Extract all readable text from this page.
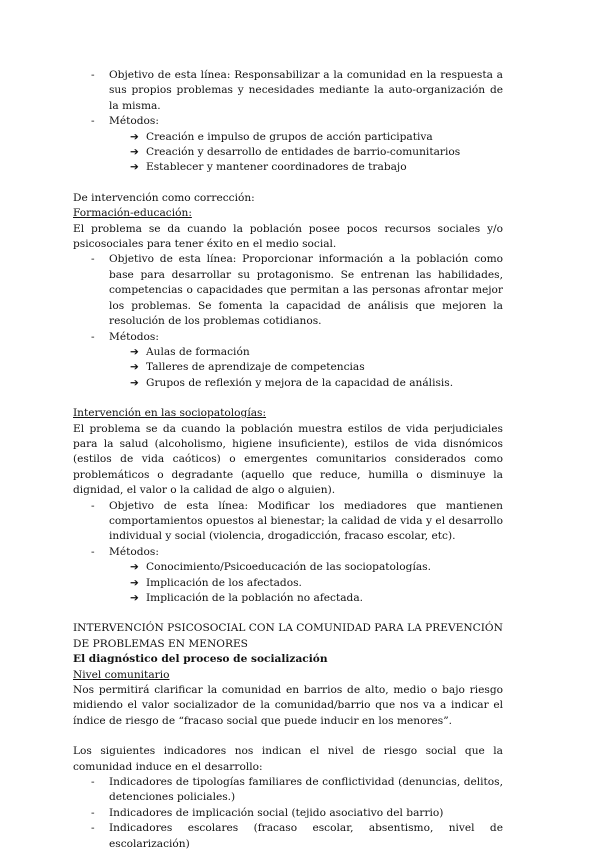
-	Objetivo de esta línea: Responsabilizar a la comunidad en la respuesta a sus propios problemas y necesidades mediante la auto-organización de la misma.
-	Métodos:
➔ Creación e impulso de grupos de acción participativa
➔ Creación y desarrollo de entidades de barrio-comunitarios
➔ Establecer y mantener coordinadores de trabajo

De intervención como corrección:

Formación-educación:

El problema se da cuando la población posee pocos recursos sociales y/o psicosociales para tener éxito en el medio social.

-	Objetivo de esta línea: Proporcionar información a la población como base para desarrollar su protagonismo. Se entrenan las habilidades, competencias o capacidades que permitan a las personas afrontar mejor los problemas. Se fomenta la capacidad de análisis que mejoren la resolución de los problemas cotidianos.
-	Métodos:
➔ Aulas de formación
➔ Talleres de aprendizaje de competencias
➔ Grupos de reflexión y mejora de la capacidad de análisis.

Intervención en las sociopatologías:

El problema se da cuando la población muestra estilos de vida perjudiciales para la salud (alcoholismo, higiene insuficiente), estilos de vida disnómicos (estilos de vida caóticos) o emergentes comunitarios considerados como problemáticos o degradante (aquello que reduce, humilla o disminuye la dignidad, el valor o la calidad de algo o alguien).

-	Objetivo de esta línea: Modificar los mediadores que mantienen comportamientos opuestos al bienestar; la calidad de vida y el desarrollo individual y social (violencia, drogadicción, fracaso escolar, etc).
-	Métodos:
➔ Conocimiento/Psicoeducación de las sociopatologías.
➔ Implicación de los afectados.
➔ Implicación de la población no afectada.

INTERVENCIÓN PSICOSOCIAL CON LA COMUNIDAD PARA LA PREVENCIÓN DE PROBLEMAS EN MENORES

El diagnóstico del proceso de socialización

Nivel comunitario

Nos permitirá clarificar la comunidad en barrios de alto, medio o bajo riesgo midiendo el valor socializador de la comunidad/barrio que nos va a indicar el índice de riesgo de “fracaso social que puede inducir en los menores”.

Los siguientes indicadores nos indican el nivel de riesgo social que la comunidad induce en el desarrollo:

-	Indicadores de tipologías familiares de conflictividad (denuncias, delitos, detenciones policiales.)
-	Indicadores de implicación social (tejido asociativo del barrio)
-	Indicadores escolares (fracaso escolar, absentismo, nivel de escolarización)
